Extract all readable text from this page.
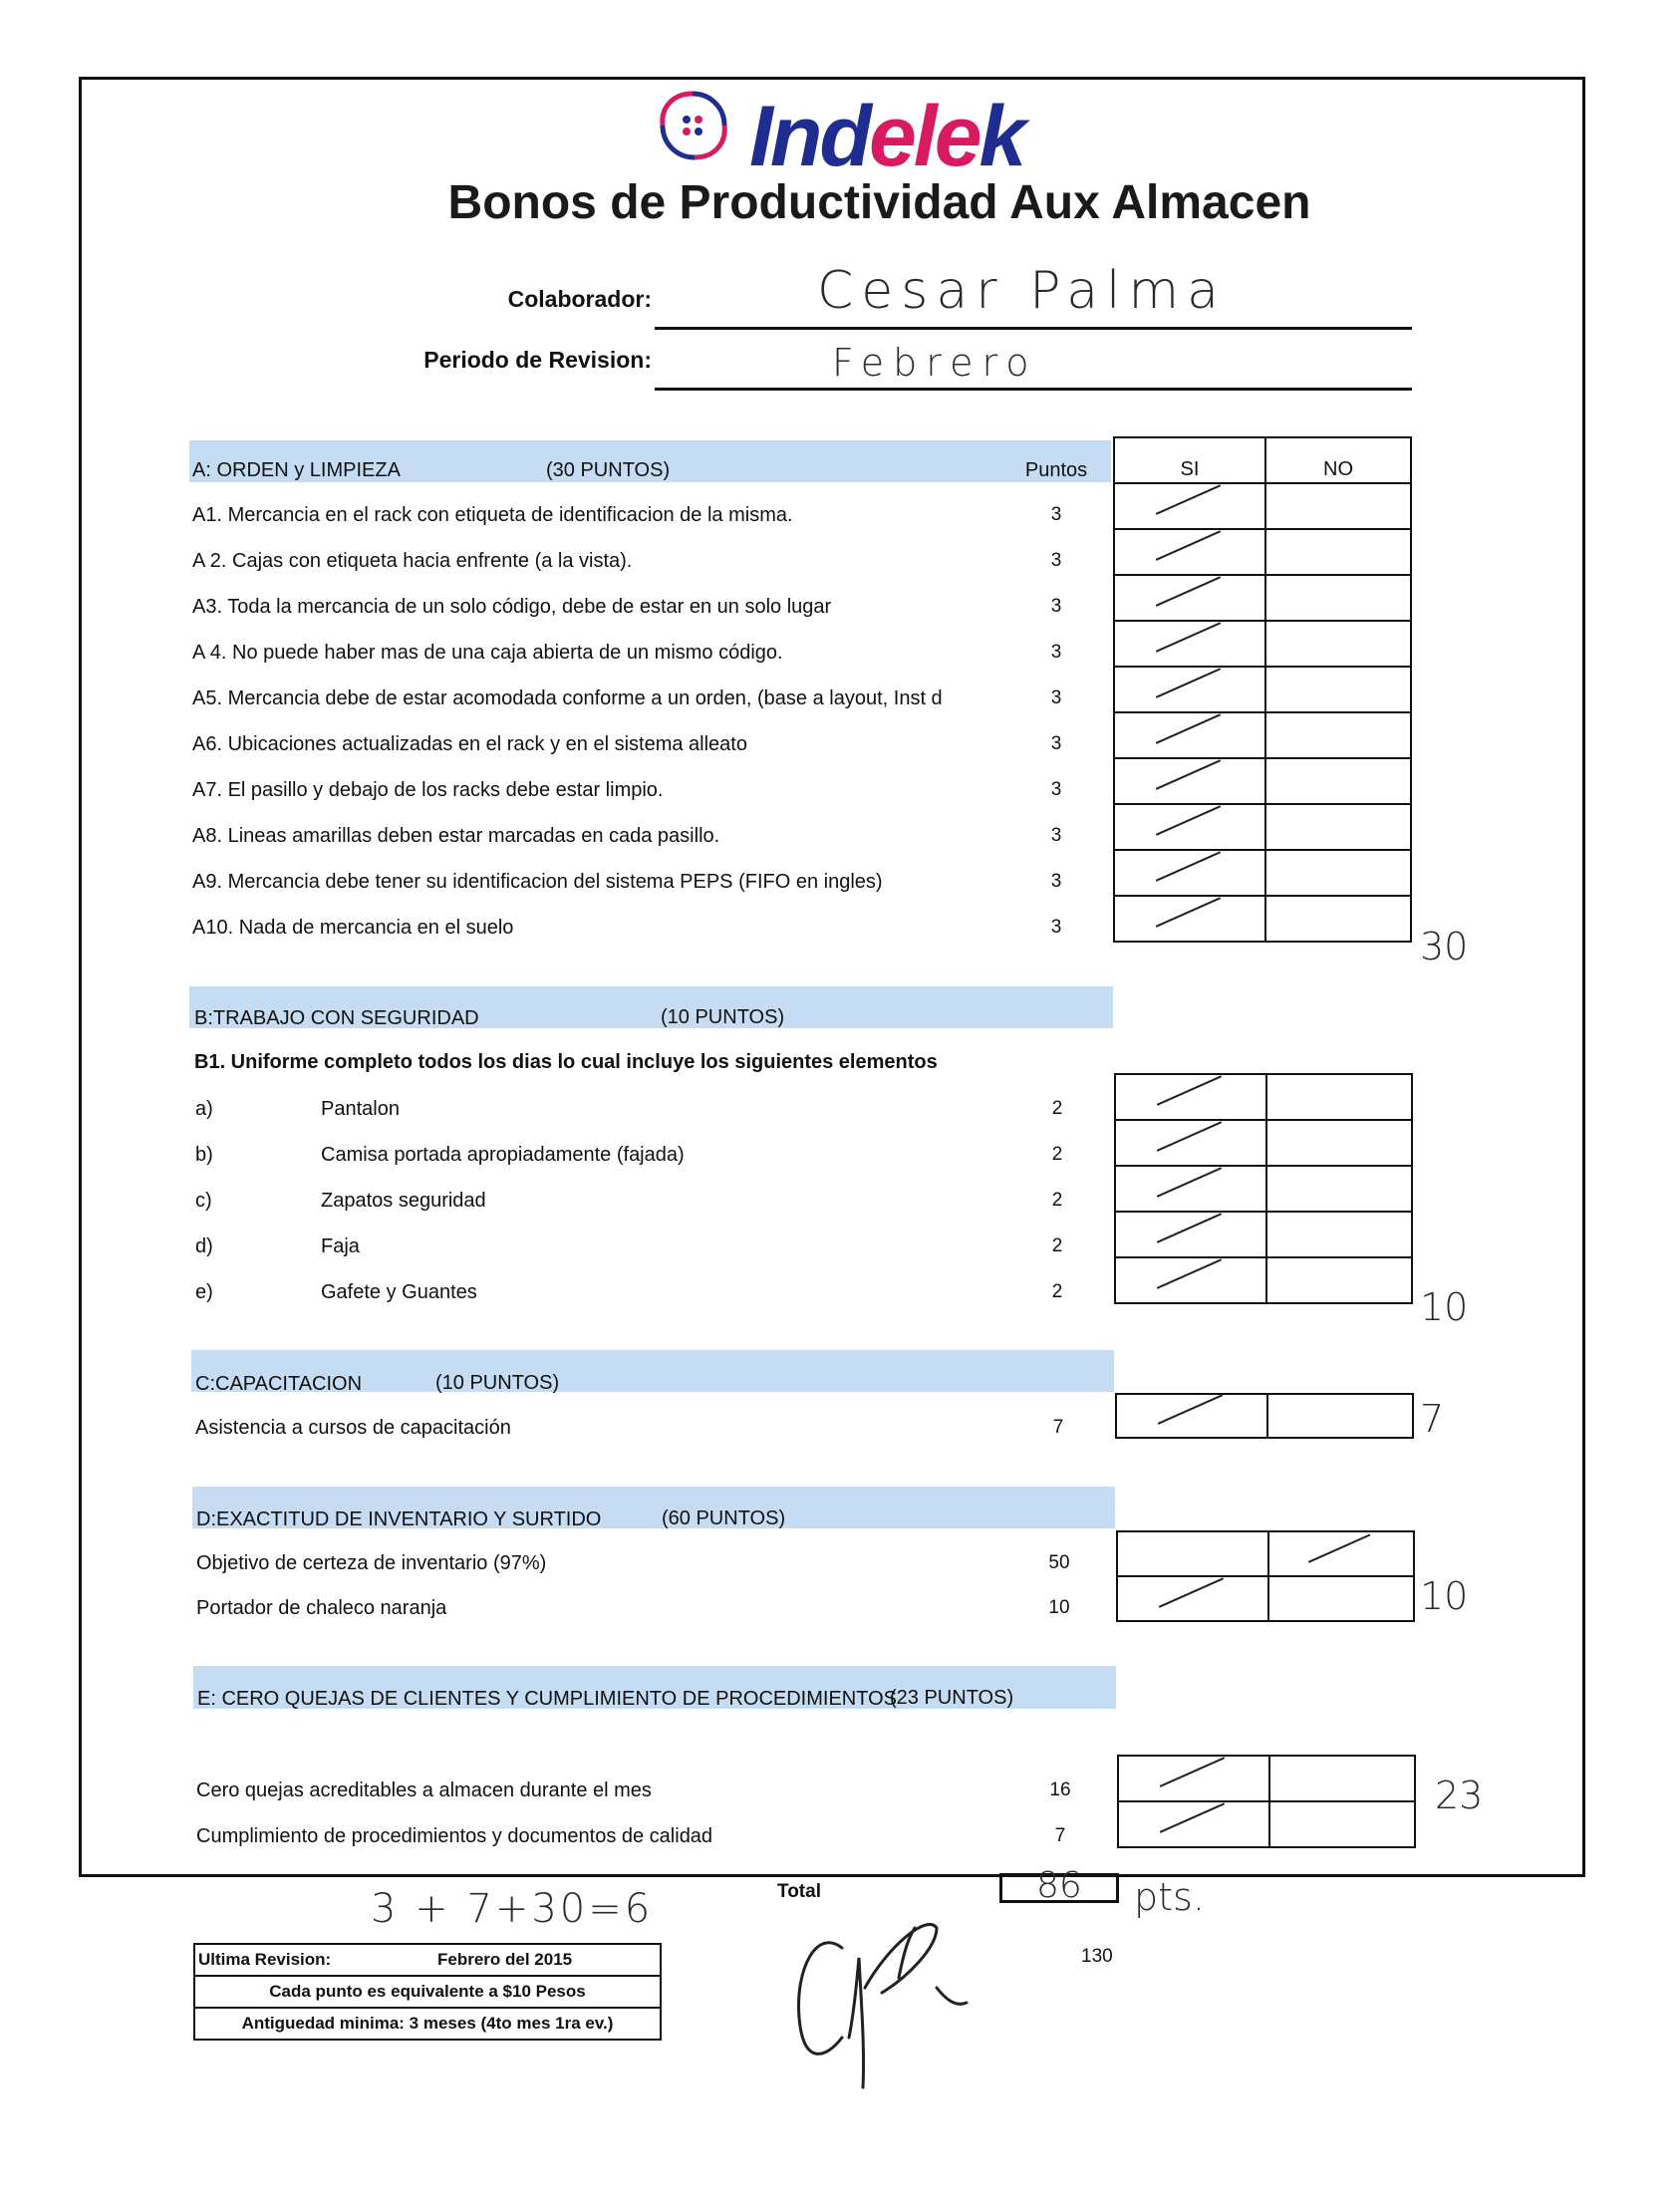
Indelek
Bonos de Productividad Aux Almacen
Colaborador:	Cesar Palma
Periodo de Revision:	Febrero
A: ORDEN y LIMPIEZA	(30 PUNTOS)	Puntos	SI	NO
A1. Mercancia en el rack con etiqueta de identificacion de la misma.	3
A 2. Cajas con etiqueta hacia enfrente (a la vista).	3
A3. Toda la mercancia de un solo código, debe de estar en un solo lugar	3
A 4. No puede haber mas de una caja abierta de un mismo código.	3
A5. Mercancia debe de estar acomodada conforme a un orden, (base a layout, Inst d	3
A6. Ubicaciones actualizadas en el rack y en el sistema alleato	3
A7. El pasillo y debajo de los racks debe estar limpio.	3
A8. Lineas amarillas deben estar marcadas en cada pasillo.	3
A9. Mercancia debe tener su identificacion del sistema PEPS (FIFO en ingles)	3
A10. Nada de mercancia en el suelo	3	30
B:TRABAJO CON SEGURIDAD	(10 PUNTOS)
B1. Uniforme completo todos los dias lo cual incluye los siguientes elementos
a)	Pantalon	2
b)	Camisa portada apropiadamente (fajada)	2
c)	Zapatos seguridad	2
d)	Faja	2
e)	Gafete y Guantes	2	10
C:CAPACITACION	(10 PUNTOS)
Asistencia a cursos de capacitación	7	7
D:EXACTITUD DE INVENTARIO Y SURTIDO	(60 PUNTOS)
Objetivo de certeza de inventario (97%)	50
Portador de chaleco naranja	10	10
E: CERO QUEJAS DE CLIENTES Y CUMPLIMIENTO DE PROCEDIMIENTOS
(23 PUNTOS)
Cero quejas acreditables a almacen durante el mes	16
Cumplimiento de procedimientos y documentos de calidad	7
23
3 + 7+30=6	Total	86 pts.
130
Ultima Revision:	Febrero del 2015
Cada punto es equivalente a $10 Pesos
Antiguedad minima: 3 meses (4to mes 1ra ev.)
